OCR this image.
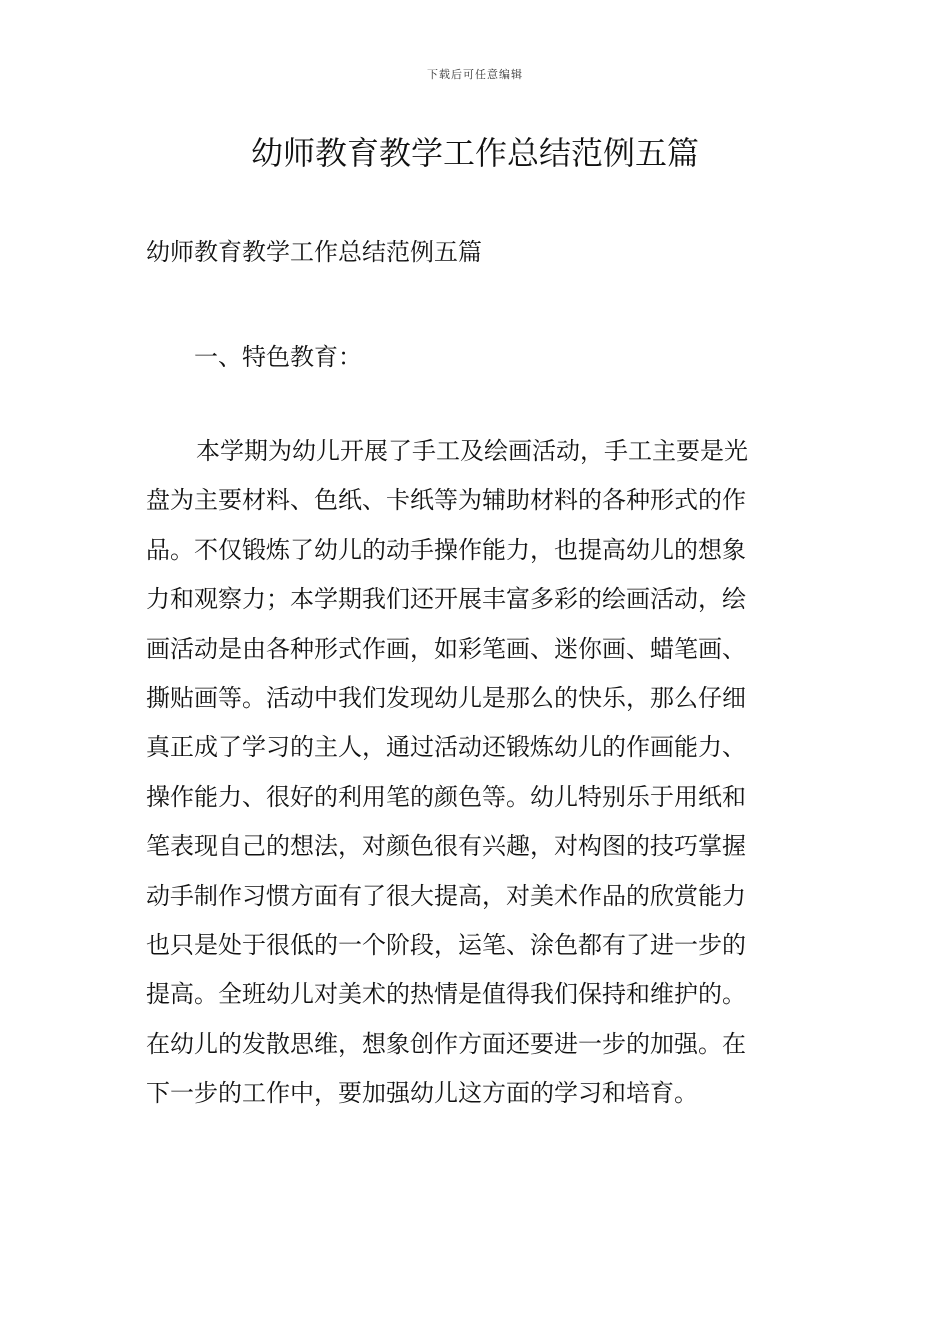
下载后可任意编辑
幼师教育教学工作总结范例五篇

幼师教育教学工作总结范例五篇

一、特色教育：

本学期为幼儿开展了手工及绘画活动，手工主要是光
盘为主要材料、色纸、卡纸等为辅助材料的各种形式的作
品。不仅锻炼了幼儿的动手操作能力，也提高幼儿的想象
力和观察力；本学期我们还开展丰富多彩的绘画活动，绘
画活动是由各种形式作画，如彩笔画、迷你画、蜡笔画、
撕贴画等。活动中我们发现幼儿是那么的快乐，那么仔细
真正成了学习的主人，通过活动还锻炼幼儿的作画能力、
操作能力、很好的利用笔的颜色等。幼儿特别乐于用纸和
笔表现自己的想法，对颜色很有兴趣，对构图的技巧掌握
动手制作习惯方面有了很大提高，对美术作品的欣赏能力
也只是处于很低的一个阶段，运笔、涂色都有了进一步的
提高。全班幼儿对美术的热情是值得我们保持和维护的。
在幼儿的发散思维，想象创作方面还要进一步的加强。在
下一步的工作中，要加强幼儿这方面的学习和培育。
